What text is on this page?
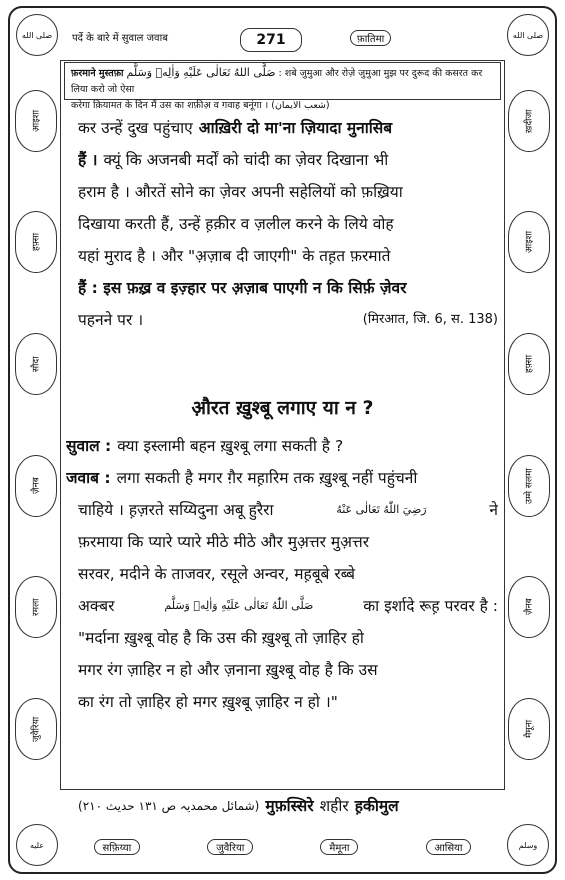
صلى الله	صلى الله
عليه	وسلم
पर्दे के बारे में सुवाल जवाब	271	फ़ातिमा
आ़इशा
हफ़्सा
सौदा
ज़ैनब
रमला
जुवैरिया
ख़दीजा
आ़इशा
हफ़्सा
उम्मे सलमा
ज़ैनब
मैमूना
फ़रमाने मुस्तफ़ा صَلَّى اللهُ تَعَالٰى عَلَيْهِ وَاٰلِهٖ وَسَلَّم : शबे जुमुआ और रोज़े जुमुआ मुझ पर दुरूद की कसरत कर लिया करो जो ऐसा
करेगा क़ियामत के दिन मैं उस का शफ़ीअ़ व गवाह बनूंगा । (شعب الايمان)
कर उन्हें दुख पहुंचाए आख़िरी दो मा'ना ज़ियादा मुनासिब
हैं । क्यूं कि अजनबी मर्दों को चांदी का ज़ेवर दिखाना भी
हराम है । औरतें सोने का ज़ेवर अपनी सहेलियों को फ़ख़्रिया
दिखाया करती हैं, उन्हें ह़क़ीर व ज़लील करने के लिये वोह
यहां मुराद है । और "अ़ज़ाब दी जाएगी" के तह़त फ़रमाते
हैं : इस फ़ख़्र व इज़्हार पर अ़ज़ाब पाएगी न कि सिर्फ़ ज़ेवर
पहनने पर ।	(मिरआत, जि. 6, स. 138)
औ़रत ख़ुश्बू लगाए या न ?
सुवाल : क्या इस्लामी बहन ख़ुश्बू लगा सकती है ?
जवाब : लगा सकती है मगर ग़ैर मह़ारिम तक ख़ुश्बू नहीं पहुंचनी
चाहिये । ह़ज़रते सय्यिदुना अबू हुरैरा	رَضِيَ اللّٰهُ تَعَالٰى عَنْهُ	ने
फ़रमाया कि प्यारे प्यारे मीठे मीठे और मुअ़त्तर मुअ़त्तर
सरवर, मदीने के ताजवर, रसूले अन्वर, मह़बूबे रब्बे
अक्बर	صَلَّى اللّٰهُ تَعَالٰى عَلَيْهِ وَاٰلِهٖ وَسَلَّم	का इर्शादे रूह़ परवर है :
"मर्दाना ख़ुश्बू वोह है कि उस की ख़ुश्बू तो ज़ाहिर हो
मगर रंग ज़ाहिर न हो और ज़नाना ख़ुश्बू वोह है कि उस
का रंग तो ज़ाहिर हो मगर ख़ुश्बू ज़ाहिर न हो ।"
(شمائل محمدیہ ص ۱۳۱ حدیث ۲۱۰) मुफ़स्सिरे शहीर ह़कीमुल
सफ़िय्या	जुवैरिया	मैमूना	आसिया
